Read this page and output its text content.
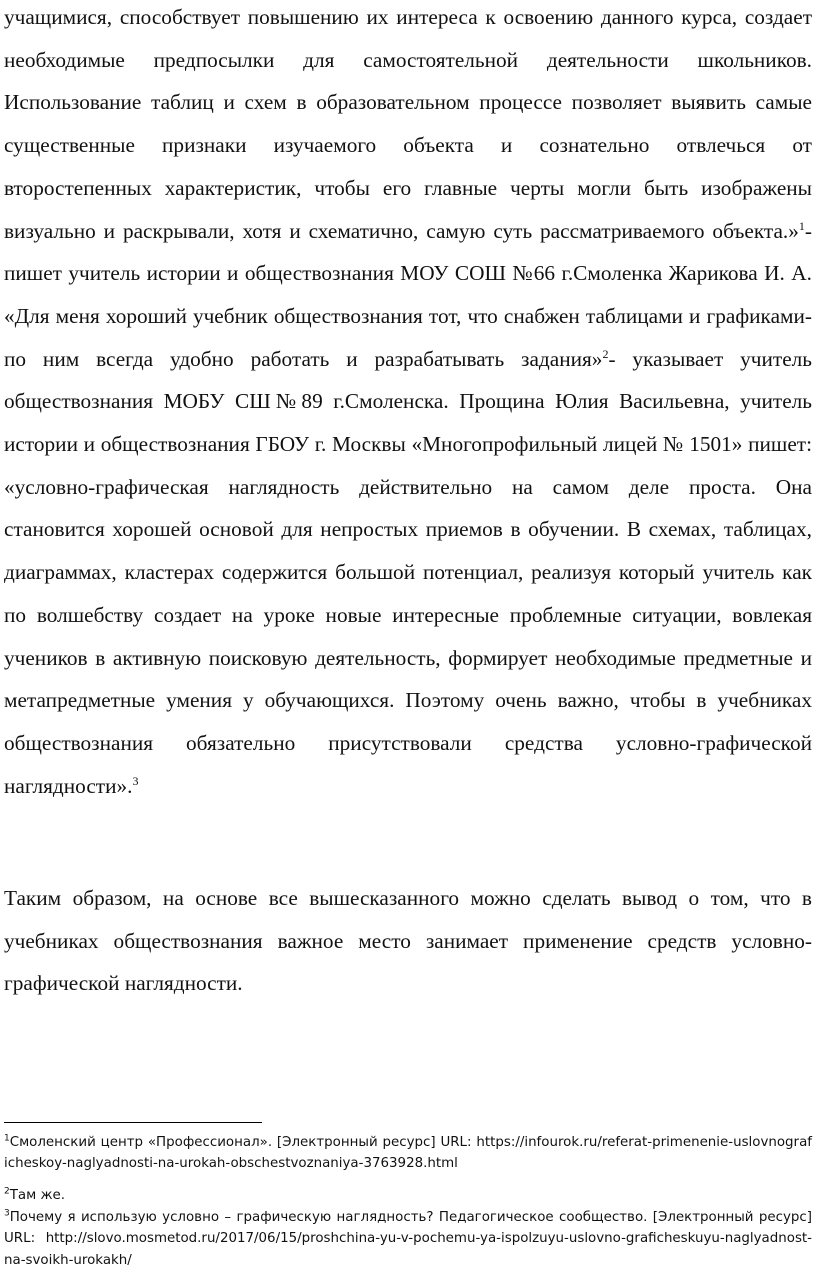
учащимися, способствует повышению их интереса к освоению данного курса, создает необходимые предпосылки для самостоятельной деятельности школьников. Использование таблиц и схем в образовательном процессе позволяет выявить самые существенные признаки изучаемого объекта и сознательно отвлечься от второстепенных характеристик, чтобы его главные черты могли быть изображены визуально и раскрывали, хотя и схематично, самую суть рассматриваемого объекта.»$^1$- пишет учитель истории и обществознания МОУ СОШ №66 г.Смоленка Жарикова И. А. «Для меня хороший учебник обществознания тот, что снабжен таблицами и графиками- по ним всегда удобно работать и разрабатывать задания»$^2$- указывает учитель обществознания МОБУ СШ№89 г.Смоленска. Прощина Юлия Васильевна, учитель истории и обществознания ГБОУ г. Москвы «Многопрофильный лицей № 1501» пишет: «условно-графическая наглядность действительно на самом деле проста. Она становится хорошей основой для непростых приемов в обучении. В схемах, таблицах, диаграммах, кластерах содержится большой потенциал, реализуя который учитель как по волшебству создает на уроке новые интересные проблемные ситуации, вовлекая учеников в активную поисковую деятельность, формирует необходимые предметные и метапредметные умения у обучающихся. Поэтому очень важно, чтобы в учебниках обществознания обязательно присутствовали средства условно-графической наглядности».$^3$

Таким образом, на основе все вышесказанного можно сделать вывод о том, что в учебниках обществознания важное место занимает применение средств условно-графической наглядности.

$^1$Смоленский центр «Профессионал». [Электронный ресурс] URL: https://infourok.ru/referat-primenenie-uslovnograficheskoy-naglyadnosti-na-urokah-obschestvoznaniya-3763928.html
$^2$Там же.
$^3$Почему я использую условно – графическую наглядность? Педагогическое сообщество. [Электронный ресурс] URL: http://slovo.mosmetod.ru/2017/06/15/proshchina-yu-v-pochemu-ya-ispolzuyu-uslovno-graficheskuyu-naglyadnost-na-svoikh-urokakh/
